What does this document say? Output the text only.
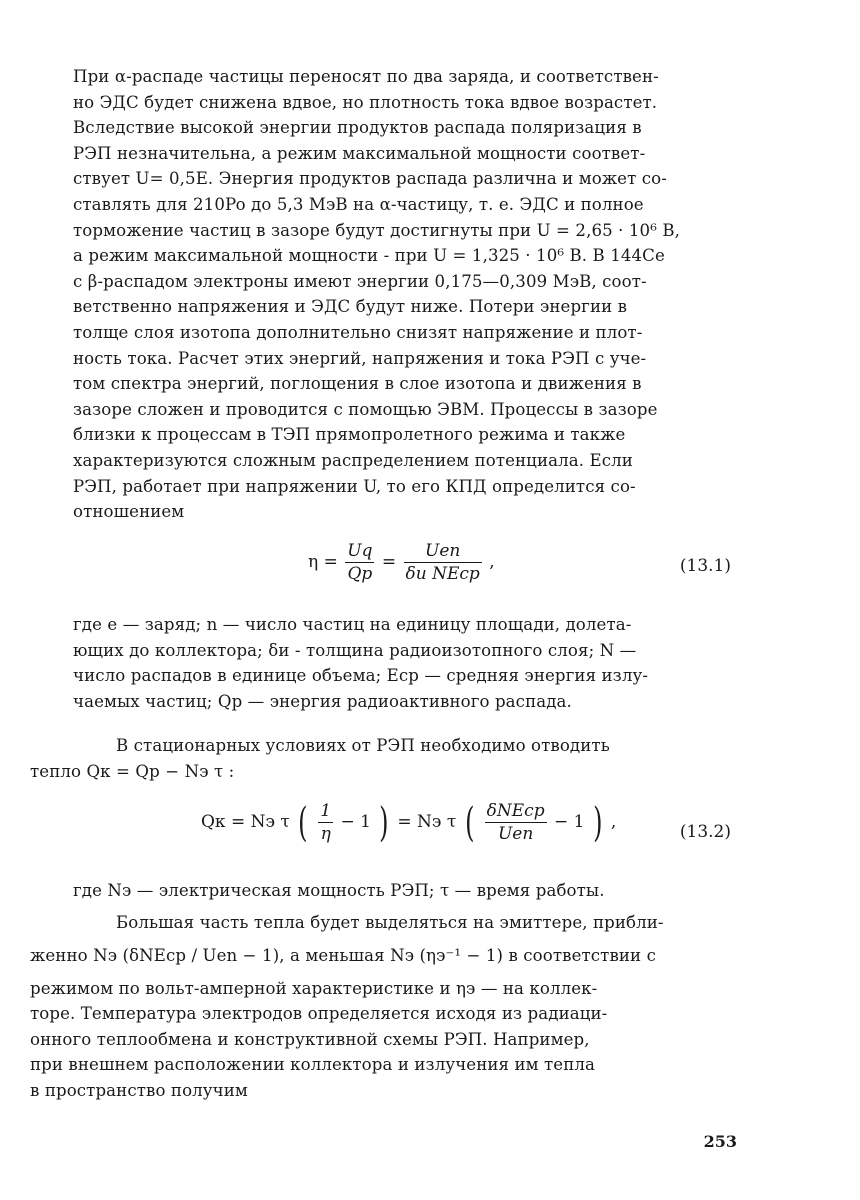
При α-распаде частицы переносят по два заряда, и соответствен-
но ЭДС будет снижена вдвое, но плотность тока вдвое возрастет.
Вследствие высокой энергии продуктов распада поляризация в
РЭП незначительна, а режим максимальной мощности соответ-
ствует U= 0,5E. Энергия продуктов распада различна и может со-
ставлять для 210Po до 5,3 МэВ на α-частицу, т. е. ЭДС и полное
торможение частиц в зазоре будут достигнуты при U = 2,65 · 10⁶ В,
а режим максимальной мощности - при U = 1,325 · 10⁶ В. В 144Ce
с β-распадом электроны имеют энергии 0,175—0,309 МэВ, соот-
ветственно напряжения и ЭДС будут ниже. Потери энергии в
толще слоя изотопа дополнительно снизят напряжение и плот-
ность тока. Расчет этих энергий, напряжения и тока РЭП с уче-
том спектра энергий, поглощения в слое изотопа и движения в
зазоре сложен и проводится с помощью ЭВМ. Процессы в зазоре
близки к процессам в ТЭП прямопролетного режима и также
характеризуются сложным распределением потенциала. Если
РЭП, работает при напряжении U, то его КПД определится со-
отношением
$\eta = \frac{Uq}{Qр} = \frac{\text{Uen}}{\text{δи NEср}}$ ,	(13.1)
где e — заряд; n — число частиц на единицу площади, долета-
ющих до коллектора; δи - толщина радиоизотопного слоя; N —
число распадов в единице объема; Eср — средняя энергия излу-
чаемых частиц; Qр — энергия радиоактивного распада.
В стационарных условиях от РЭП необходимо отводить
тепло Qк = Qр − Nэ τ :
Qк = Nэ τ ( $\frac{1}{\eta} - 1$ ) = Nэ τ ( $\frac{\text{δNEср}}{\text{Uen}} - 1$ ) ,	(13.2)
где Nэ — электрическая мощность РЭП; τ — время работы.
Большая часть тепла будет выделяться на эмиттере, прибли-
женно Nэ (δNEср / Uen − 1), а меньшая Nэ (ηэ⁻¹ − 1) в соответствии с
режимом по вольт-амперной характеристике и ηэ — на коллек-
торе. Температура электродов определяется исходя из радиаци-
онного теплообмена и конструктивной схемы РЭП. Например,
при внешнем расположении коллектора и излучения им тепла
в пространство получим
253
